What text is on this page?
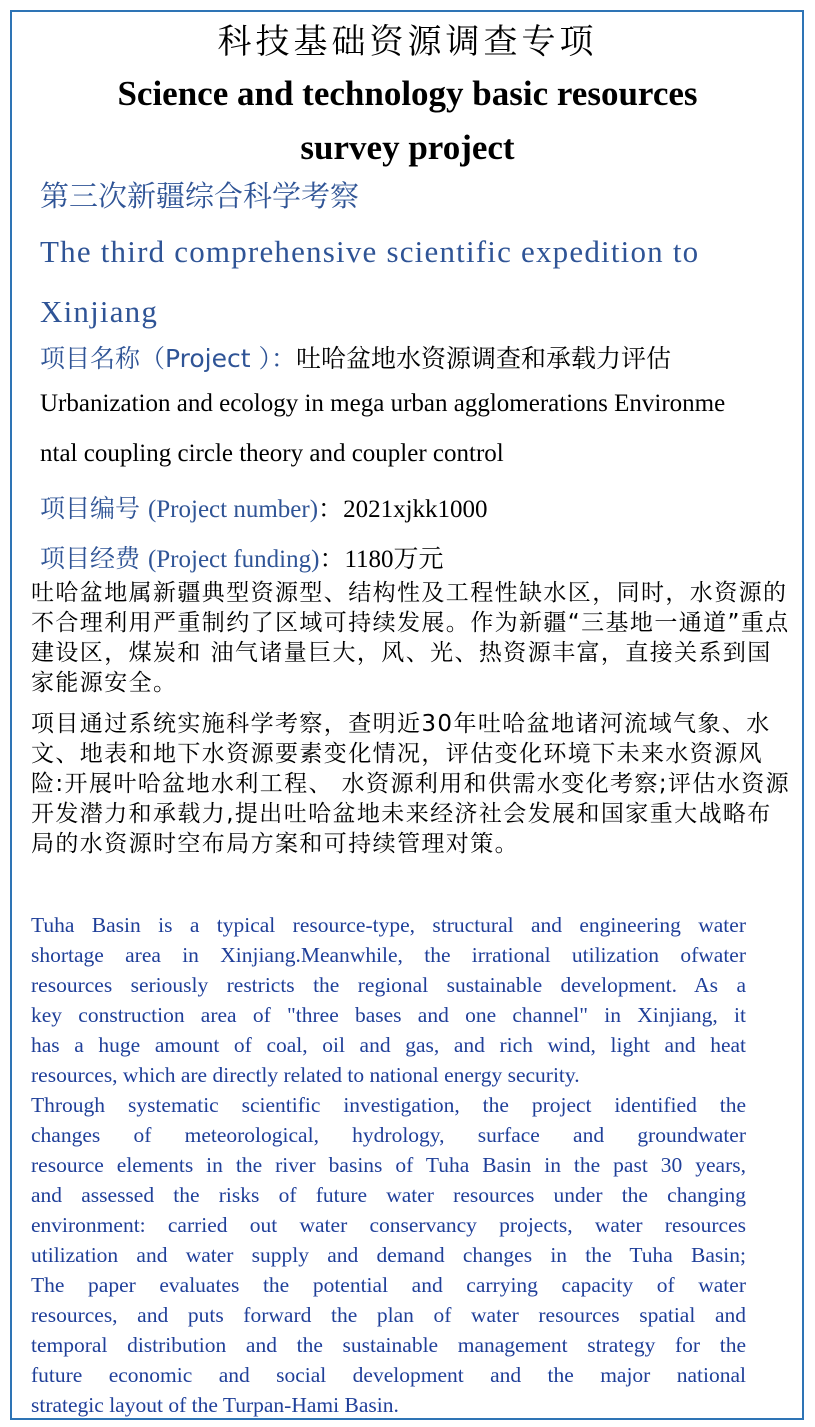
科技基础资源调查专项
Science and technology basic resources
survey project
第三次新疆综合科学考察
The third comprehensive scientific expedition to
Xinjiang
项目名称（Project ）：吐哈盆地水资源调查和承载力评估
Urbanization and ecology in mega urban agglomerations Environme
ntal coupling circle theory and coupler control
项目编号 (Project number)：2021xjkk1000
项目经费 (Project funding)：1180万元

吐哈盆地属新疆典型资源型、结构性及工程性缺水区，同时，水资源的不合理利用严重制约了区域可持续发展。作为新疆“三基地一通道”重点建设区，煤炭和 油气诸量巨大，风、光、热资源丰富，直接关系到国家能源安全。

项目通过系统实施科学考察，查明近30年吐哈盆地诸河流域气象、水文、地表和地下水资源要素变化情况，评估变化环境下未来水资源风险:开展叶哈盆地水利工程、 水资源利用和供需水变化考察;评估水资源开发潜力和承载力,提出吐哈盆地未来经济社会发展和国家重大战略布局的水资源时空布局方案和可持续管理对策。

Tuha Basin is a typical resource-type, structural and engineering water

shortage area in Xinjiang.Meanwhile, the irrational utilization ofwater

resources seriously restricts the regional sustainable development. As a

key construction area of "three bases and one channel" in Xinjiang, it

has a huge amount of coal, oil and gas, and rich wind, light and heat

resources, which are directly related to national energy security.

Through systematic scientific investigation, the project identified the

changes of meteorological, hydrology, surface and groundwater

resource elements in the river basins of Tuha Basin in the past 30 years,

and assessed the risks of future water resources under the changing

environment: carried out water conservancy projects, water resources

utilization and water supply and demand changes in the Tuha Basin;

The paper evaluates the potential and carrying capacity of water

resources, and puts forward the plan of water resources spatial and

temporal distribution and the sustainable management strategy for the

future economic and social development and the major national

strategic layout of the Turpan-Hami Basin.
